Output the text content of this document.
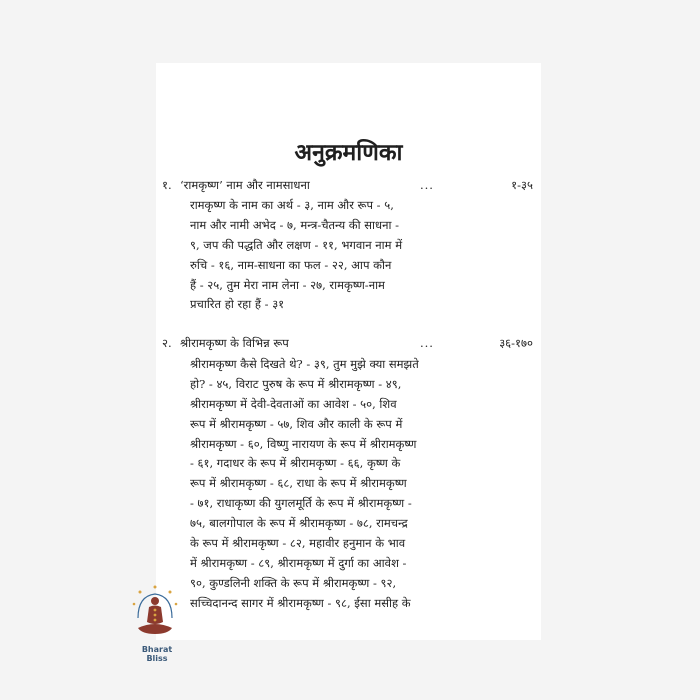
अनुक्रमणिका
१. ‘रामकृष्ण’ नाम और नामसाधना	...	१-३५
रामकृष्ण के नाम का अर्थ - ३, नाम और रूप - ५,
नाम और नामी अभेद - ७, मन्त्र-चैतन्य की साधना -
९, जप की पद्धति और लक्षण - ११, भगवान नाम में
रुचि - १६, नाम-साधना का फल - २२, आप कौन
हैं - २५, तुम मेरा नाम लेना - २७, रामकृष्ण-नाम
प्रचारित हो रहा हैं - ३१
२. श्रीरामकृष्ण के विभिन्न रूप	...	३६-१७०
श्रीरामकृष्ण कैसे दिखते थे? - ३९, तुम मुझे क्या समझते
हो? - ४५, विराट पुरुष के रूप में श्रीरामकृष्ण - ४९,
श्रीरामकृष्ण में देवी-देवताओं का आवेश - ५०, शिव
रूप में श्रीरामकृष्ण - ५७, शिव और काली के रूप में
श्रीरामकृष्ण - ६०, विष्णु नारायण के रूप में श्रीरामकृष्ण
- ६१, गदाधर के रूप में श्रीरामकृष्ण - ६६, कृष्ण के
रूप में श्रीरामकृष्ण - ६८, राधा के रूप में श्रीरामकृष्ण
- ७१, राधाकृष्ण की युगलमूर्ति के रूप में श्रीरामकृष्ण -
७५, बालगोपाल के रूप में श्रीरामकृष्ण - ७८, रामचन्द्र
के रूप में श्रीरामकृष्ण - ८२, महावीर हनुमान के भाव
में श्रीरामकृष्ण - ८९, श्रीरामकृष्ण में दुर्गा का आवेश -
९०, कुण्डलिनी शक्ति के रूप में श्रीरामकृष्ण - ९२,
सच्चिदानन्द सागर में श्रीरामकृष्ण - ९८, ईसा मसीह के
Bharat Bliss
